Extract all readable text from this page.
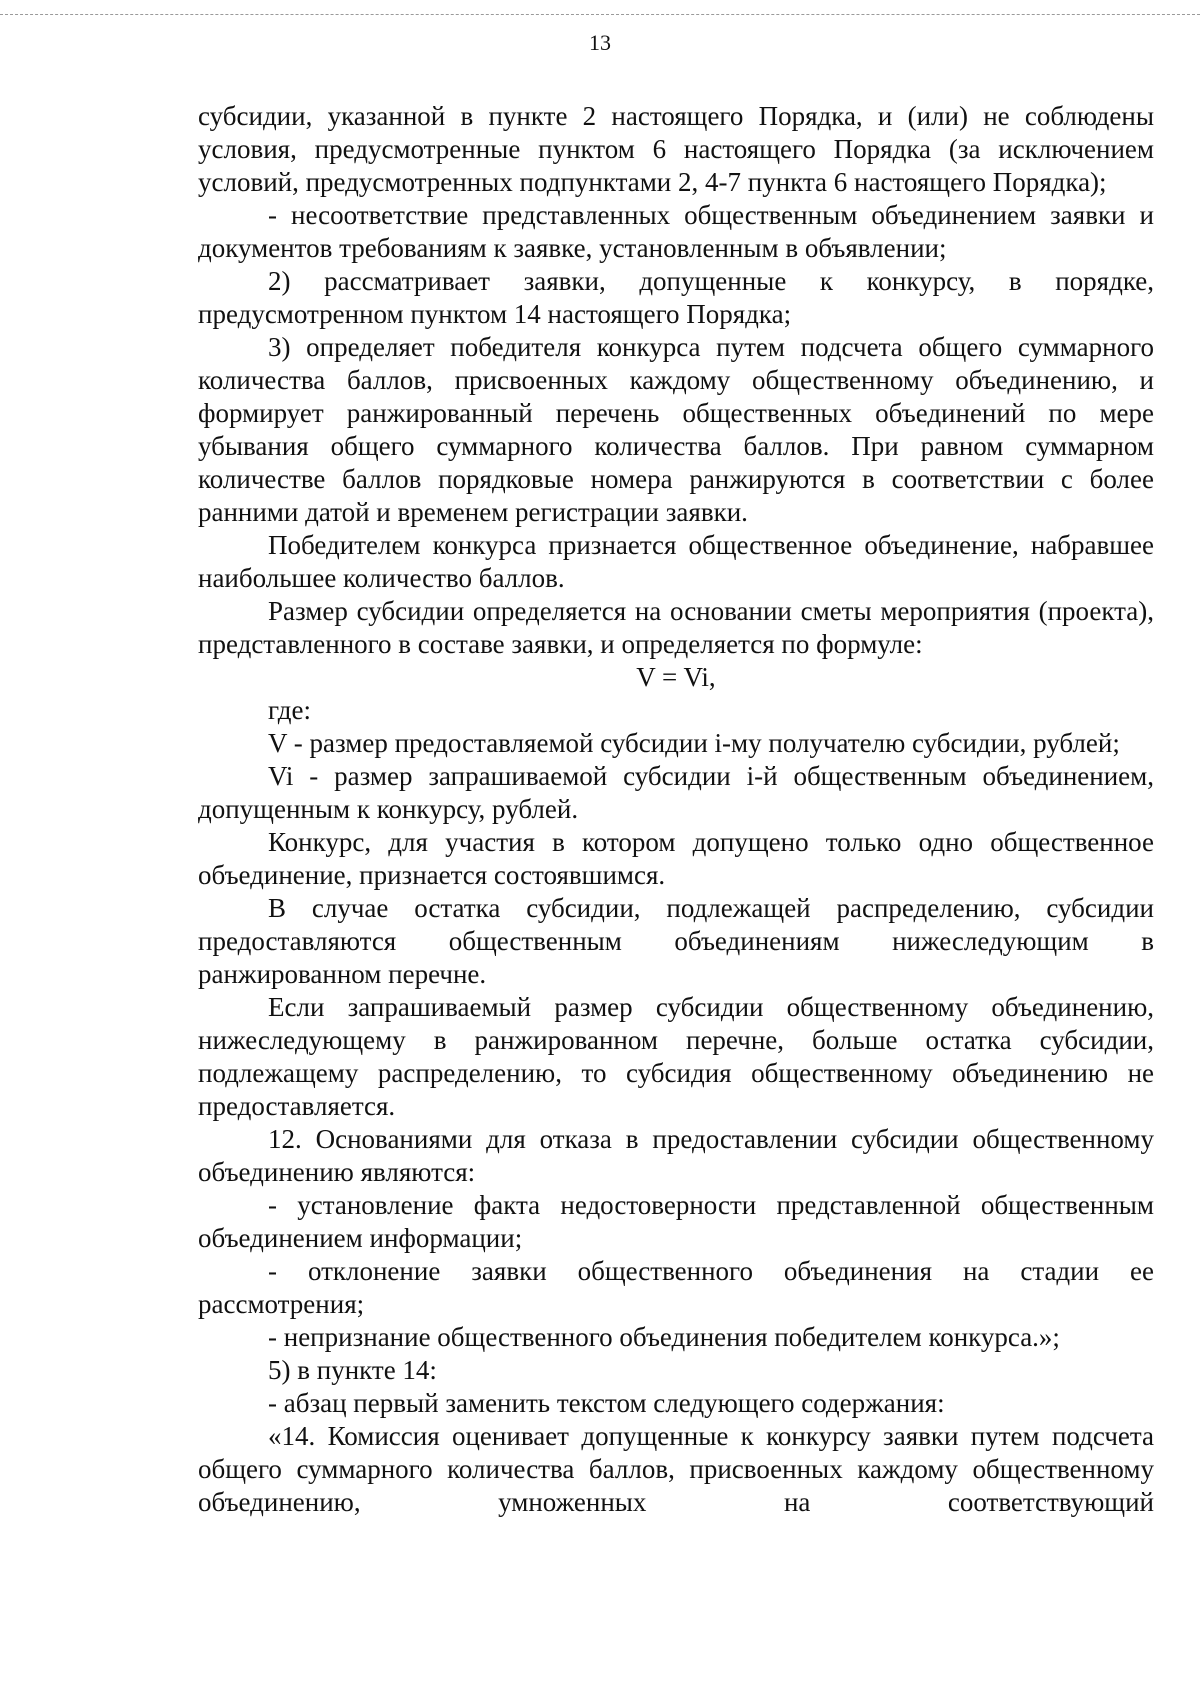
13

субсидии, указанной в пункте 2 настоящего Порядка, и (или) не соблюдены условия, предусмотренные пунктом 6 настоящего Порядка (за исключением условий, предусмотренных подпунктами 2, 4-7 пункта 6 настоящего Порядка);

- несоответствие представленных общественным объединением заявки и документов требованиям к заявке, установленным в объявлении;

2) рассматривает заявки, допущенные к конкурсу, в порядке, предусмотренном пунктом 14 настоящего Порядка;

3) определяет победителя конкурса путем подсчета общего суммарного количества баллов, присвоенных каждому общественному объединению, и формирует ранжированный перечень общественных объединений по мере убывания общего суммарного количества баллов. При равном суммарном количестве баллов порядковые номера ранжируются в соответствии с более ранними датой и временем регистрации заявки.

Победителем конкурса признается общественное объединение, набравшее наибольшее количество баллов.

Размер субсидии определяется на основании сметы мероприятия (проекта), представленного в составе заявки, и определяется по формуле:

V = Vi,

где:

V - размер предоставляемой субсидии i-му получателю субсидии, рублей;

Vi - размер запрашиваемой субсидии i-й общественным объединением, допущенным к конкурсу, рублей.

Конкурс, для участия в котором допущено только одно общественное объединение, признается состоявшимся.

В случае остатка субсидии, подлежащей распределению, субсидии предоставляются общественным объединениям нижеследующим в ранжированном перечне.

Если запрашиваемый размер субсидии общественному объединению, нижеследующему в ранжированном перечне, больше остатка субсидии, подлежащему распределению, то субсидия общественному объединению не предоставляется.

12. Основаниями для отказа в предоставлении субсидии общественному объединению являются:

- установление факта недостоверности представленной общественным объединением информации;

- отклонение заявки общественного объединения на стадии ее рассмотрения;

- непризнание общественного объединения победителем конкурса.»;

5) в пункте 14:

- абзац первый заменить текстом следующего содержания:

«14. Комиссия оценивает допущенные к конкурсу заявки путем подсчета общего суммарного количества баллов, присвоенных каждому общественному объединению, умноженных на соответствующий
